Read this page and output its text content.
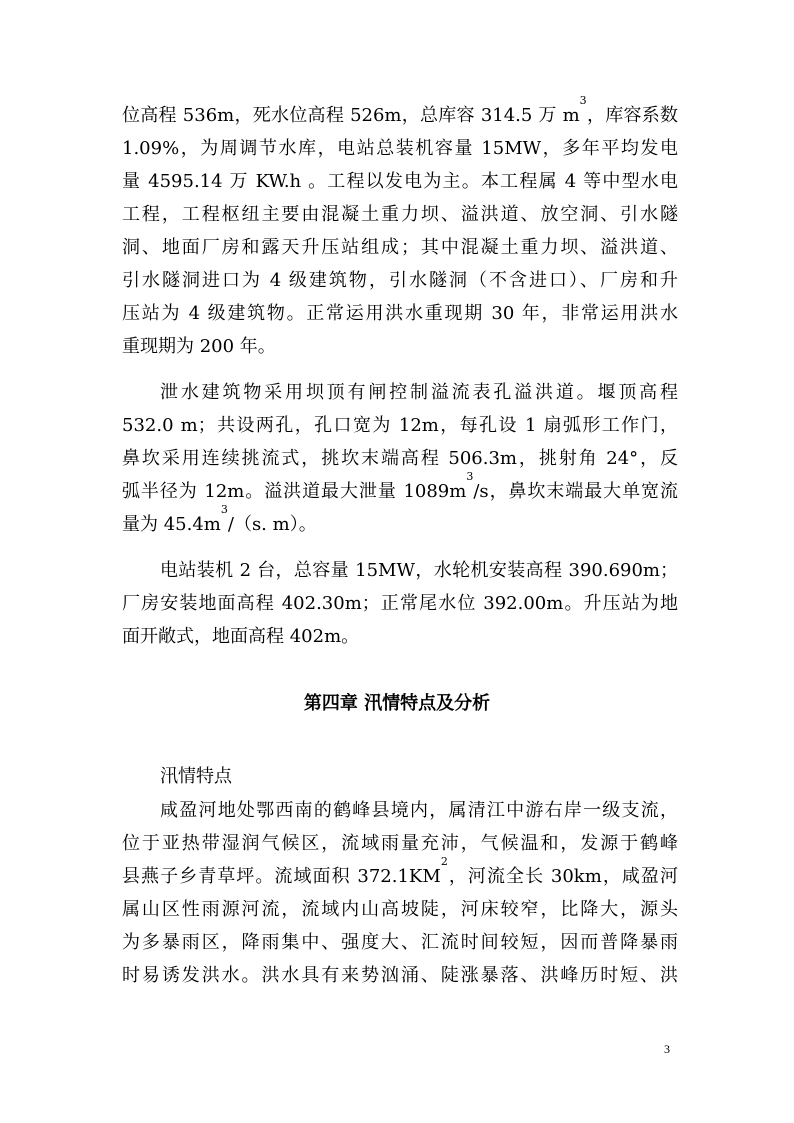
位高程 536m，死水位高程 526m，总库容 314.5 万 $m^3$，库容系数
1.09%，为周调节水库，电站总装机容量 15MW，多年平均发电
量 4595.14 万 KW.h 。工程以发电为主。本工程属 4 等中型水电
工程，工程枢纽主要由混凝土重力坝、溢洪道、放空洞、引水隧
洞、地面厂房和露天升压站组成；其中混凝土重力坝、溢洪道、
引水隧洞进口为 4 级建筑物，引水隧洞（不含进口）、厂房和升
压站为 4 级建筑物。正常运用洪水重现期 30 年，非常运用洪水
重现期为 200 年。
泄水建筑物采用坝顶有闸控制溢流表孔溢洪道。堰顶高程
532.0 m；共设两孔，孔口宽为 12m，每孔设 1 扇弧形工作门，
鼻坎采用连续挑流式，挑坎末端高程 506.3m，挑射角 24°，反
弧半径为 12m。溢洪道最大泄量 $1089m^3/s$，鼻坎末端最大单宽流
量为 $45.4m^3/(s$. m）。
电站装机 2 台，总容量 15MW，水轮机安装高程 390.690m；
厂房安装地面高程 402.30m；正常尾水位 392.00m。升压站为地
面开敞式，地面高程 402m。
第四章 汛情特点及分析
汛情特点
咸盈河地处鄂西南的鹤峰县境内，属清江中游右岸一级支流，
位于亚热带湿润气候区，流域雨量充沛，气候温和，发源于鹤峰
县燕子乡青草坪。流域面积 $372.1KM^2$，河流全长 30km，咸盈河
属山区性雨源河流，流域内山高坡陡，河床较窄，比降大，源头
为多暴雨区，降雨集中、强度大、汇流时间较短，因而普降暴雨
时易诱发洪水。洪水具有来势汹涌、陡涨暴落、洪峰历时短、洪
3
